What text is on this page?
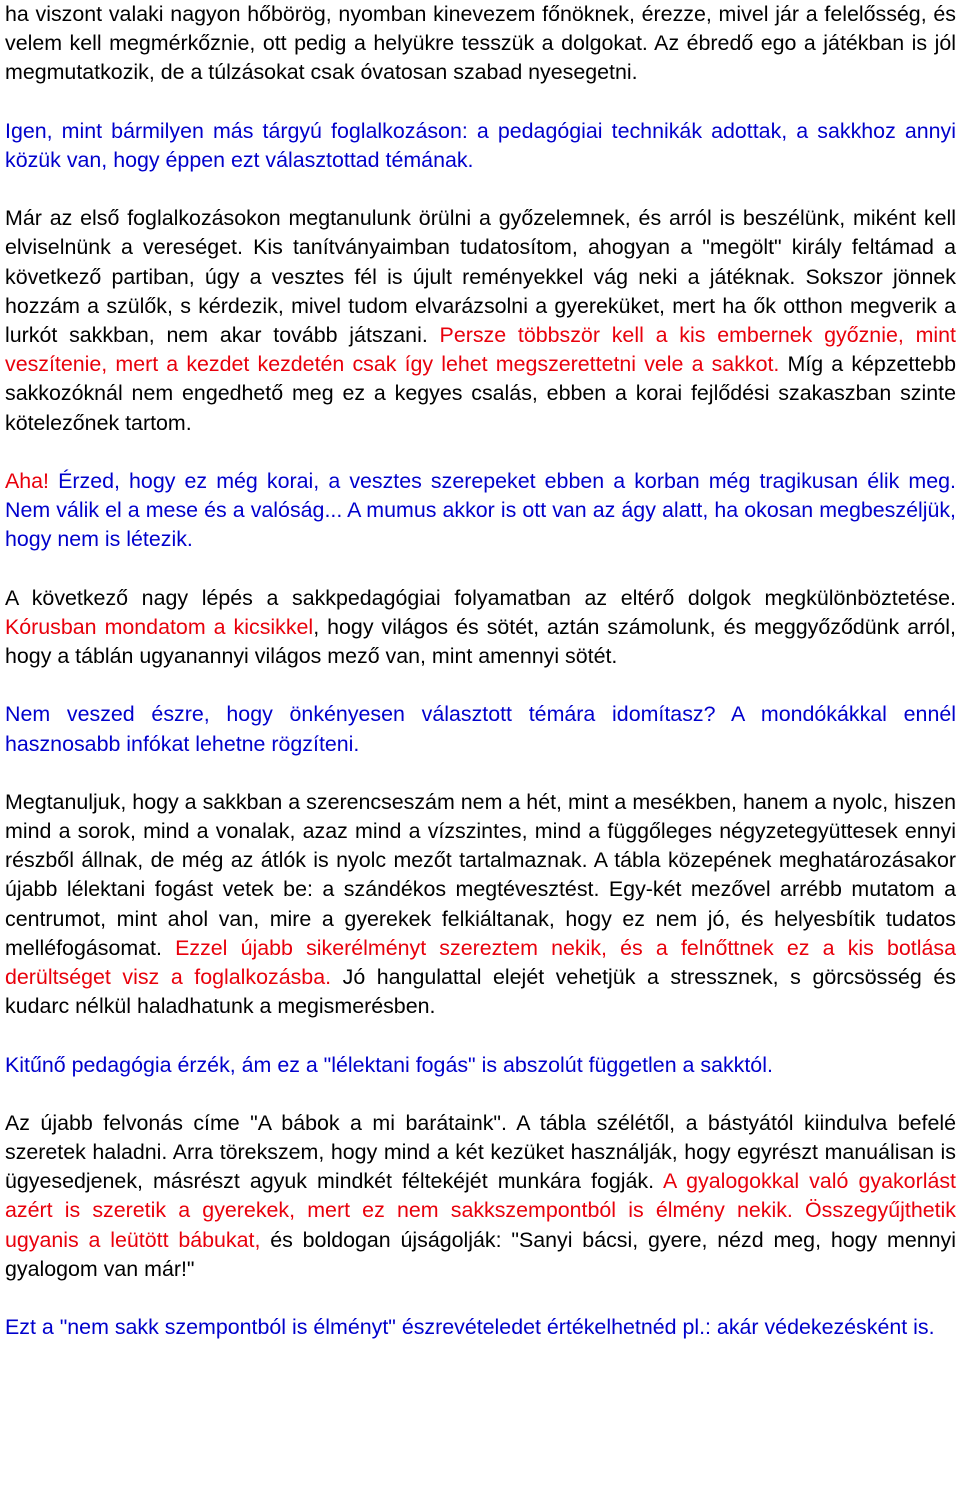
ha viszont valaki nagyon hőbörög, nyomban kinevezem főnöknek, érezze, mivel jár a felelősség, és velem kell megmérkőznie, ott pedig a helyükre tesszük a dolgokat. Az ébredő ego a játékban is jól megmutatkozik, de a túlzásokat csak óvatosan szabad nyesegetni.

Igen, mint bármilyen más tárgyú foglalkozáson: a pedagógiai technikák adottak, a sakkhoz annyi közük van, hogy éppen ezt választottad témának.

Már az első foglalkozásokon megtanulunk örülni a győzelemnek, és arról is beszélünk, miként kell elviselnünk a vereséget. Kis tanítványaimban tudatosítom, ahogyan a "megölt" király feltámad a következő partiban, úgy a vesztes fél is újult reményekkel vág neki a játéknak. Sokszor jönnek hozzám a szülők, s kérdezik, mivel tudom elvarázsolni a gyereküket, mert ha ők otthon megverik a lurkót sakkban, nem akar tovább játszani. Persze többször kell a kis embernek győznie, mint veszítenie, mert a kezdet kezdetén csak így lehet megszerettetni vele a sakkot. Míg a képzettebb sakkozóknál nem engedhető meg ez a kegyes csalás, ebben a korai fejlődési szakaszban szinte kötelezőnek tartom.

Aha! Érzed, hogy ez még korai, a vesztes szerepeket ebben a korban még tragikusan élik meg. Nem válik el a mese és a valóság... A mumus akkor is ott van az ágy alatt, ha okosan megbeszéljük, hogy nem is létezik.

A következő nagy lépés a sakkpedagógiai folyamatban az eltérő dolgok megkülönböztetése. Kórusban mondatom a kicsikkel, hogy világos és sötét, aztán számolunk, és meggyőződünk arról, hogy a táblán ugyanannyi világos mező van, mint amennyi sötét.

Nem veszed észre, hogy önkényesen választott témára idomítasz? A mondókákkal ennél hasznosabb infókat lehetne rögzíteni.

Megtanuljuk, hogy a sakkban a szerencseszám nem a hét, mint a mesékben, hanem a nyolc, hiszen mind a sorok, mind a vonalak, azaz mind a vízszintes, mind a függőleges négyzetegyüttesek ennyi részből állnak, de még az átlók is nyolc mezőt tartalmaznak. A tábla közepének meghatározásakor újabb lélektani fogást vetek be: a szándékos megtévesztést. Egy-két mezővel arrébb mutatom a centrumot, mint ahol van, mire a gyerekek felkiáltanak, hogy ez nem jó, és helyesbítik tudatos melléfogásomat. Ezzel újabb sikerélményt szereztem nekik, és a felnőttnek ez a kis botlása derültséget visz a foglalkozásba. Jó hangulattal elejét vehetjük a stressznek, s görcsösség és kudarc nélkül haladhatunk a megismerésben.

Kitűnő pedagógia érzék, ám ez a "lélektani fogás" is abszolút független a sakktól.

Az újabb felvonás címe "A bábok a mi barátaink". A tábla szélétől, a bástyától kiindulva befelé szeretek haladni. Arra törekszem, hogy mind a két kezüket használják, hogy egyrészt manuálisan is ügyesedjenek, másrészt agyuk mindkét féltekéjét munkára fogják. A gyalogokkal való gyakorlást azért is szeretik a gyerekek, mert ez nem sakkszempontból is élmény nekik. Összegyűjthetik ugyanis a leütött bábukat, és boldogan újságolják: "Sanyi bácsi, gyere, nézd meg, hogy mennyi gyalogom van már!"

Ezt a "nem sakk szempontból is élményt" észrevételedet értékelhetnéd pl.: akár védekezésként is.
